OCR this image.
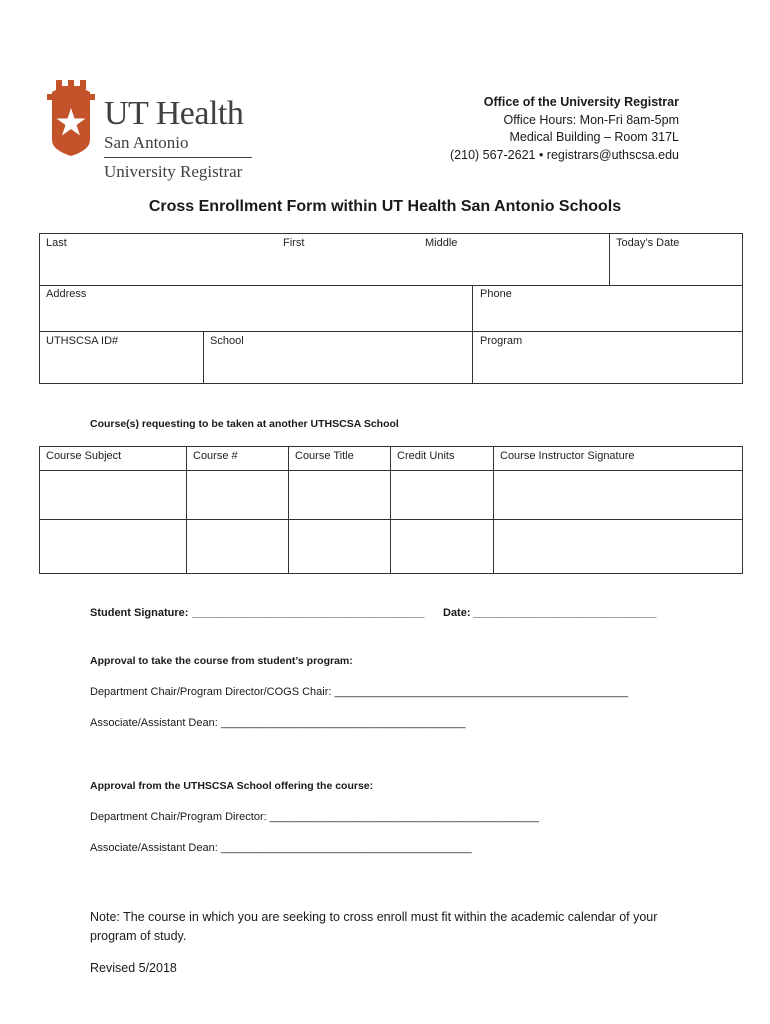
UT Health
San Antonio
University Registrar
Office of the University Registrar
Office Hours: Mon-Fri 8am-5pm
Medical Building – Room 317L
(210) 567-2621 • registrars@uthscsa.edu
Cross Enrollment Form within UT Health San Antonio Schools
Last	First	Middle	Today’s Date
Address	Phone
UTHSCSA ID#	School	Program
Course(s) requesting to be taken at another UTHSCSA School
Course Subject	Course #	Course Title	Credit Units	Course Instructor Signature
Student Signature: ______________________________________ Date: ______________________________
Approval to take the course from student’s program:
Department Chair/Program Director/COGS Chair: ________________________________________________
Associate/Assistant Dean: ________________________________________
Approval from the UTHSCSA School offering the course:
Department Chair/Program Director: ____________________________________________
Associate/Assistant Dean: _________________________________________
Note: The course in which you are seeking to cross enroll must fit within the academic calendar of your program of study.
Revised 5/2018
